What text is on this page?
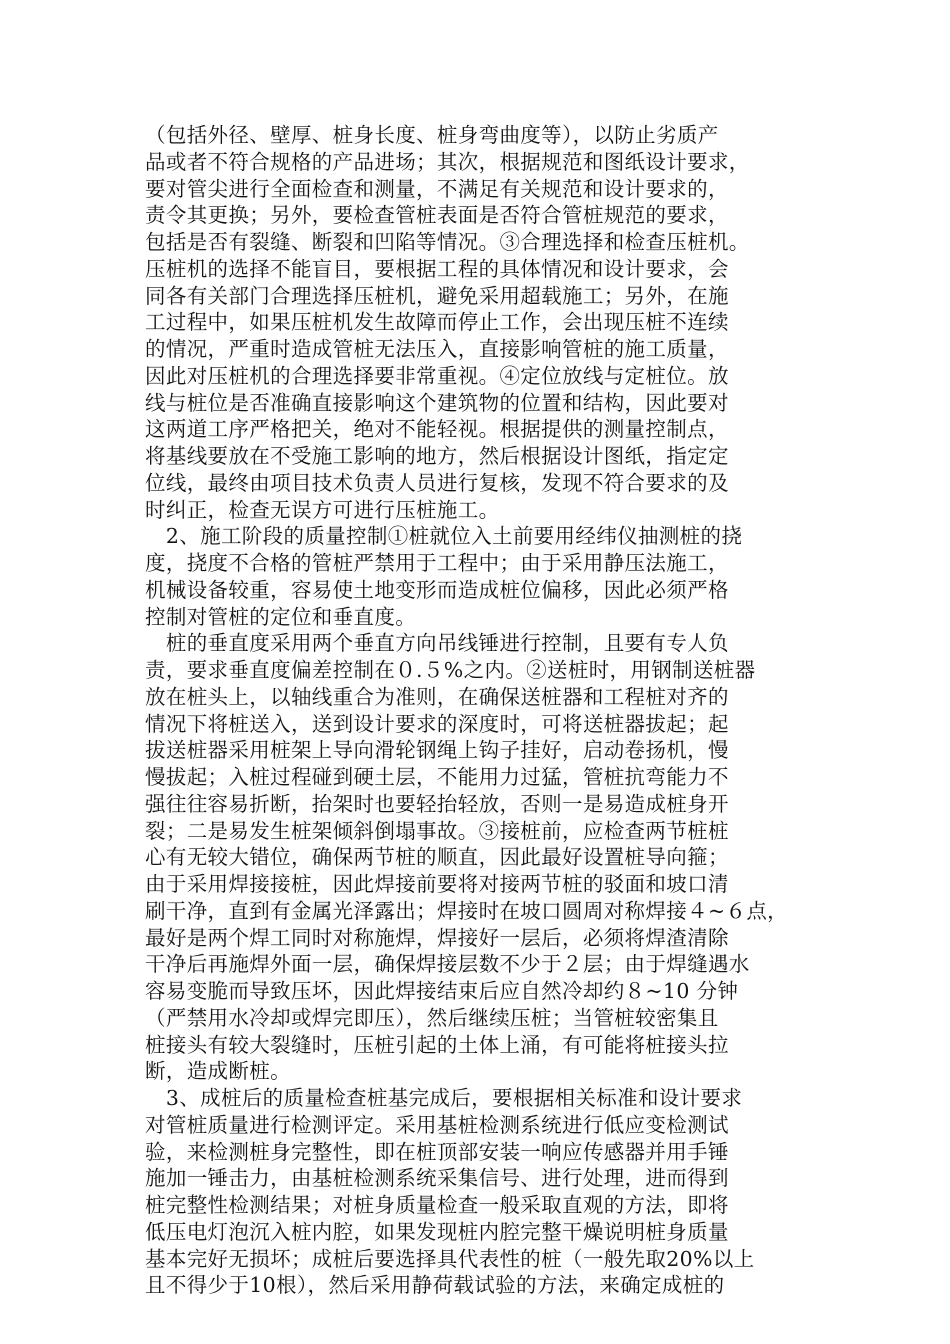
（包括外径、壁厚、桩身长度、桩身弯曲度等），以防止劣质产
品或者不符合规格的产品进场；其次，根据规范和图纸设计要求，
要对管尖进行全面检查和测量，不满足有关规范和设计要求的，
责令其更换；另外，要检查管桩表面是否符合管桩规范的要求，
包括是否有裂缝、断裂和凹陷等情况。③合理选择和检查压桩机。
压桩机的选择不能盲目，要根据工程的具体情况和设计要求，会
同各有关部门合理选择压桩机，避免采用超载施工；另外，在施
工过程中，如果压桩机发生故障而停止工作，会出现压桩不连续
的情况，严重时造成管桩无法压入，直接影响管桩的施工质量，
因此对压桩机的合理选择要非常重视。④定位放线与定桩位。放
线与桩位是否准确直接影响这个建筑物的位置和结构，因此要对
这两道工序严格把关，绝对不能轻视。根据提供的测量控制点，
将基线要放在不受施工影响的地方，然后根据设计图纸，指定定
位线，最终由项目技术负责人员进行复核，发现不符合要求的及
时纠正，检查无误方可进行压桩施工。
　2、施工阶段的质量控制①桩就位入土前要用经纬仪抽测桩的挠
度，挠度不合格的管桩严禁用于工程中；由于采用静压法施工，
机械设备较重，容易使土地变形而造成桩位偏移，因此必须严格
控制对管桩的定位和垂直度。
　桩的垂直度采用两个垂直方向吊线锤进行控制，且要有专人负
责，要求垂直度偏差控制在０.５%之内。②送桩时，用钢制送桩器
放在桩头上，以轴线重合为准则，在确保送桩器和工程桩对齐的
情况下将桩送入，送到设计要求的深度时，可将送桩器拔起；起
拔送桩器采用桩架上导向滑轮钢绳上钩子挂好，启动卷扬机，慢
慢拔起；入桩过程碰到硬土层，不能用力过猛，管桩抗弯能力不
强往往容易折断，抬架时也要轻抬轻放，否则一是易造成桩身开
裂；二是易发生桩架倾斜倒塌事故。③接桩前，应检查两节桩桩
心有无较大错位，确保两节桩的顺直，因此最好设置桩导向箍；
由于采用焊接接桩，因此焊接前要将对接两节桩的驳面和坡口清
刷干净，直到有金属光泽露出；焊接时在坡口圆周对称焊接４~６点，
最好是两个焊工同时对称施焊，焊接好一层后，必须将焊渣清除
干净后再施焊外面一层，确保焊接层数不少于２层；由于焊缝遇水
容易变脆而导致压坏，因此焊接结束后应自然冷却约８~10 分钟
（严禁用水冷却或焊完即压），然后继续压桩；当管桩较密集且
桩接头有较大裂缝时，压桩引起的土体上涌，有可能将桩接头拉
断，造成断桩。
　3、成桩后的质量检查桩基完成后，要根据相关标准和设计要求
对管桩质量进行检测评定。采用基桩检测系统进行低应变检测试
验，来检测桩身完整性，即在桩顶部安装一响应传感器并用手锤
施加一锤击力，由基桩检测系统采集信号、进行处理，进而得到
桩完整性检测结果；对桩身质量检查一般采取直观的方法，即将
低压电灯泡沉入桩内腔，如果发现桩内腔完整干燥说明桩身质量
基本完好无损坏；成桩后要选择具代表性的桩（一般先取20%以上
且不得少于10根），然后采用静荷载试验的方法，来确定成桩的
